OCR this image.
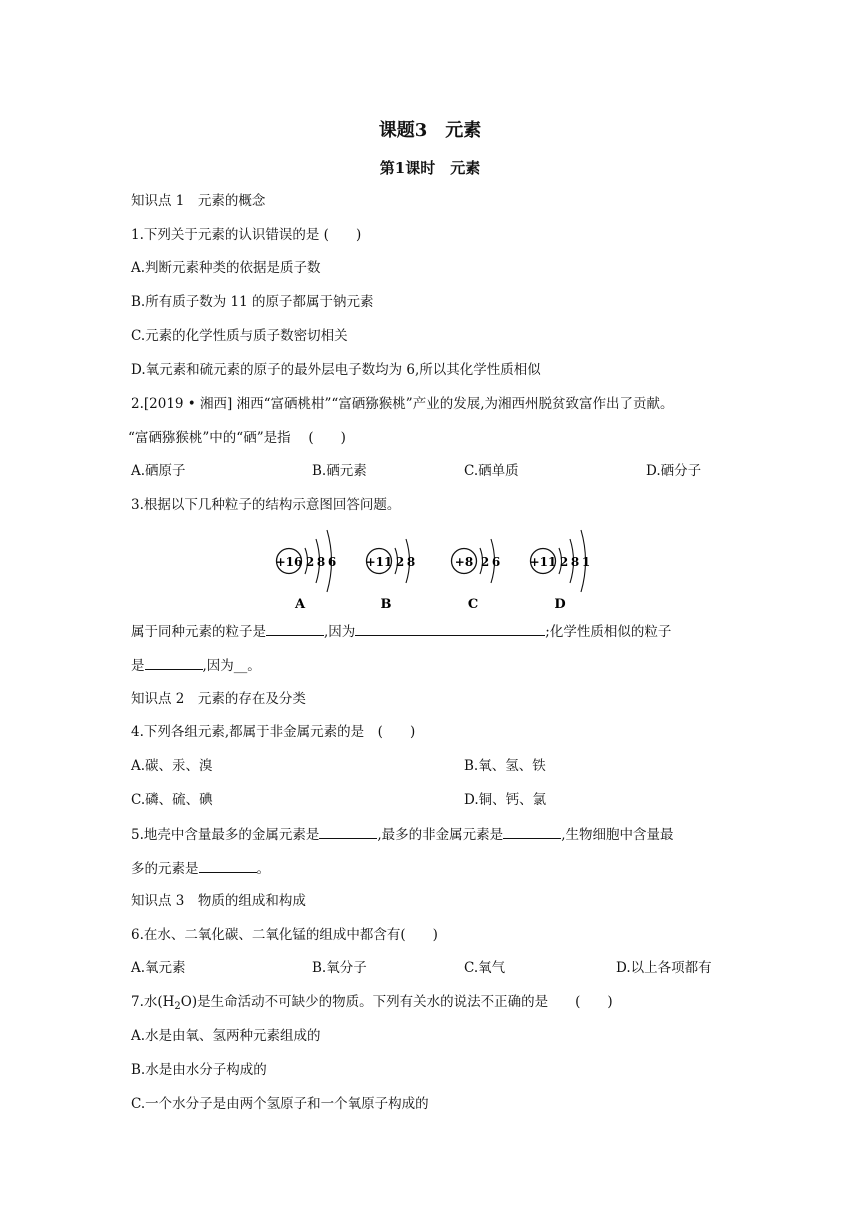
课题3　元素
第1课时　元素
知识点 1　元素的概念
1.下列关于元素的认识错误的是 (　　)
A.判断元素种类的依据是质子数
B.所有质子数为 11 的原子都属于钠元素
C.元素的化学性质与质子数密切相关
D.氧元素和硫元素的原子的最外层电子数均为 6,所以其化学性质相似
2.[2019 • 湘西] 湘西“富硒桃柑”“富硒猕猴桃”产业的发展,为湘西州脱贫致富作出了贡献。
“富硒猕猴桃”中的“硒”是指　 (　　)
A.硒原子	B.硒元素	C.硒单质	D.硒分子
3.根据以下几种粒子的结构示意图回答问题。
+16 2 8 6
A
+11 2 8
B
+8 2 6
C
+11 2 8 1
D
属于同种元素的粒子是	,因为	;化学性质相似的粒子
是	,因为__。
知识点 2　元素的存在及分类
4.下列各组元素,都属于非金属元素的是　(　　)
A.碳、汞、溴	B.氧、氢、铁
C.磷、硫、碘	D.铜、钙、氯
5.地壳中含量最多的金属元素是	,最多的非金属元素是	,生物细胞中含量最
多的元素是	。
知识点 3　物质的组成和构成
6.在水、二氧化碳、二氧化锰的组成中都含有(　　)
A.氧元素	B.氧分子	C.氧气	D.以上各项都有
7.水$(H_2O)$是生命活动不可缺少的物质。下列有关水的说法不正确的是　　(　　)
A.水是由氧、氢两种元素组成的
B.水是由水分子构成的
C.一个水分子是由两个氢原子和一个氧原子构成的
